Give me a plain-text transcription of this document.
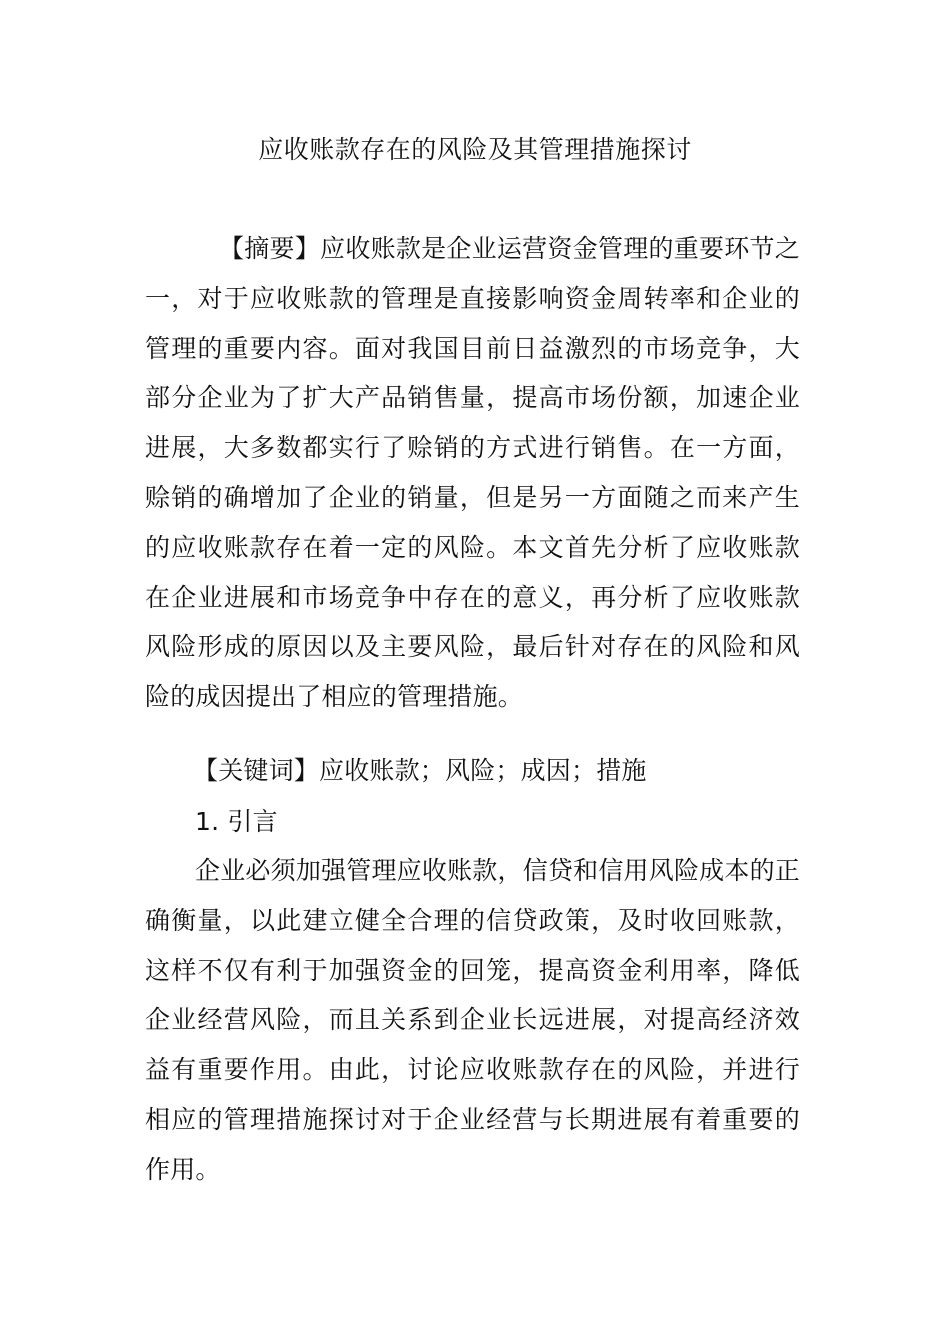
应收账款存在的风险及其管理措施探讨

【摘要】应收账款是企业运营资金管理的重要环节之一，对于应收账款的管理是直接影响资金周转率和企业的管理的重要内容。面对我国目前日益激烈的市场竞争，大部分企业为了扩大产品销售量，提高市场份额，加速企业进展，大多数都实行了赊销的方式进行销售。在一方面，赊销的确增加了企业的销量，但是另一方面随之而来产生的应收账款存在着一定的风险。本文首先分析了应收账款在企业进展和市场竞争中存在的意义，再分析了应收账款风险形成的原因以及主要风险，最后针对存在的风险和风险的成因提出了相应的管理措施。

【关键词】应收账款；风险；成因；措施

1. 引言

企业必须加强管理应收账款，信贷和信用风险成本的正确衡量，以此建立健全合理的信贷政策，及时收回账款，这样不仅有利于加强资金的回笼，提高资金利用率，降低企业经营风险，而且关系到企业长远进展，对提高经济效益有重要作用。由此，讨论应收账款存在的风险，并进行相应的管理措施探讨对于企业经营与长期进展有着重要的作用。
